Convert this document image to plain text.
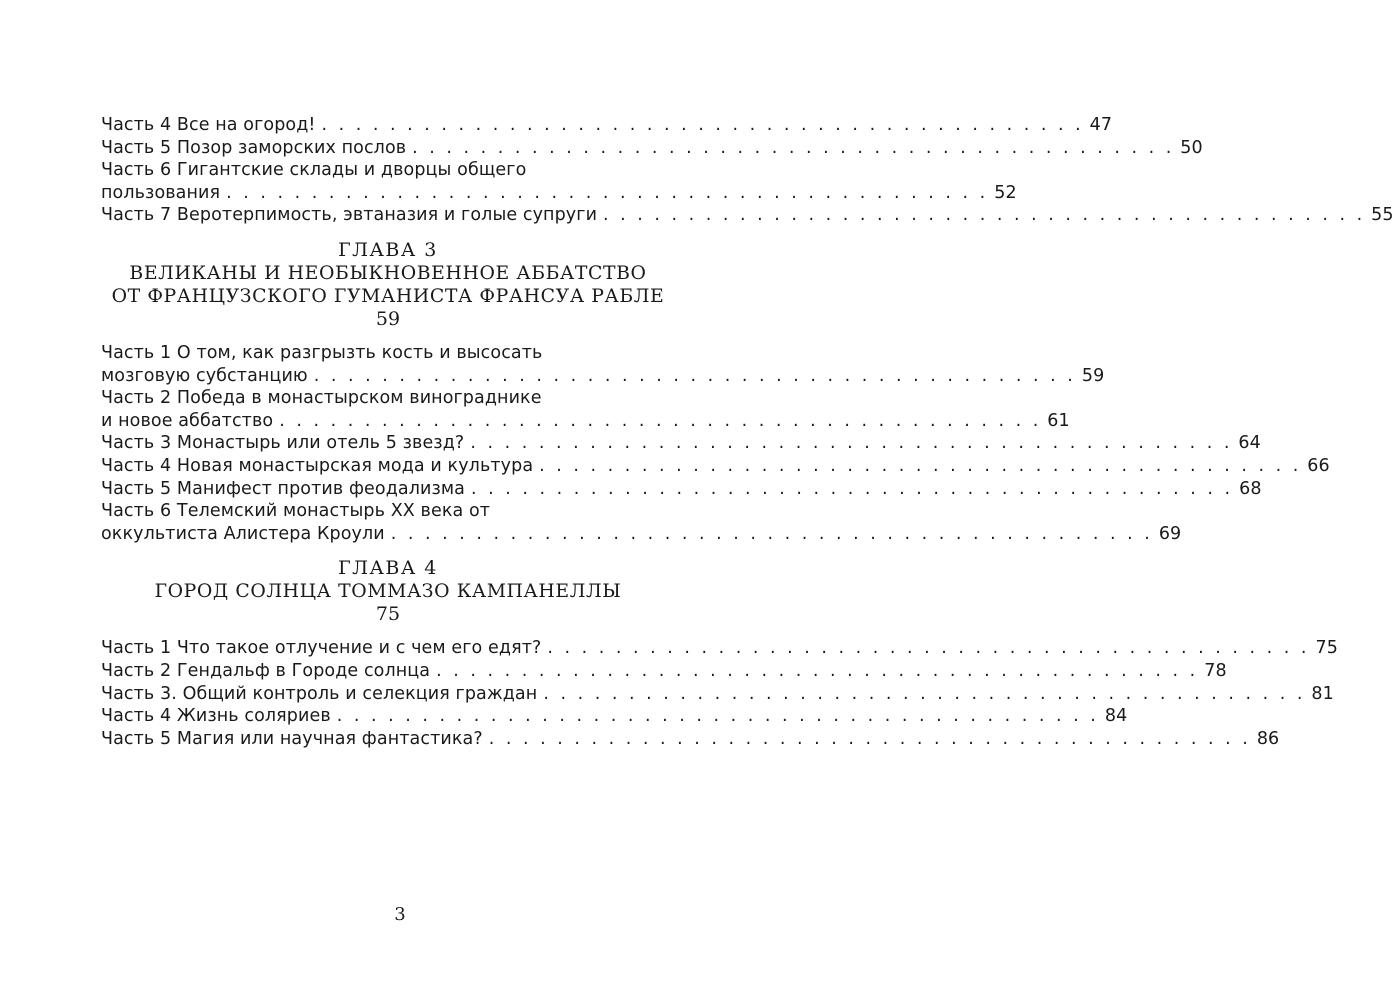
Часть 4 Все на огород! . . . . . . . . . . . . . . . . . . . . . . . . . . . . . . . . . . . . . . . . . . . . . 47
Часть 5 Позор заморских послов . . . . . . . . . . . . . . . . . . . . . . . . . . . . . . . . . . . . . . . . . . . . . 50
Часть 6 Гигантские склады и дворцы общего
пользования . . . . . . . . . . . . . . . . . . . . . . . . . . . . . . . . . . . . . . . . . . . . . 52
Часть 7 Веротерпимость, эвтаназия и голые супруги . . . . . . . . . . . . . . . . . . . . . . . . . . . . . . . . . . . . . . . . . . . . . 55
ГЛАВА 3
ВЕЛИКАНЫ И НЕОБЫКНОВЕННОЕ АББАТСТВО
ОТ ФРАНЦУЗСКОГО ГУМАНИСТА ФРАНСУА РАБЛЕ
59
Часть 1 О том, как разгрызть кость и высосать
мозговую субстанцию . . . . . . . . . . . . . . . . . . . . . . . . . . . . . . . . . . . . . . . . . . . . . 59
Часть 2 Победа в монастырском винограднике
и новое аббатство . . . . . . . . . . . . . . . . . . . . . . . . . . . . . . . . . . . . . . . . . . . . . 61
Часть 3 Монастырь или отель 5 звезд? . . . . . . . . . . . . . . . . . . . . . . . . . . . . . . . . . . . . . . . . . . . . . 64
Часть 4 Новая монастырская мода и культура . . . . . . . . . . . . . . . . . . . . . . . . . . . . . . . . . . . . . . . . . . . . . 66
Часть 5 Манифест против феодализма . . . . . . . . . . . . . . . . . . . . . . . . . . . . . . . . . . . . . . . . . . . . . 68
Часть 6 Телемский монастырь XX века от
оккультиста Алистера Кроули . . . . . . . . . . . . . . . . . . . . . . . . . . . . . . . . . . . . . . . . . . . . . 69
ГЛАВА 4
ГОРОД СОЛНЦА ТОММАЗО КАМПАНЕЛЛЫ
75
Часть 1 Что такое отлучение и с чем его едят? . . . . . . . . . . . . . . . . . . . . . . . . . . . . . . . . . . . . . . . . . . . . . 75
Часть 2 Гендальф в Городе солнца . . . . . . . . . . . . . . . . . . . . . . . . . . . . . . . . . . . . . . . . . . . . . 78
Часть 3. Общий контроль и селекция граждан . . . . . . . . . . . . . . . . . . . . . . . . . . . . . . . . . . . . . . . . . . . . . 81
Часть 4 Жизнь соляриев . . . . . . . . . . . . . . . . . . . . . . . . . . . . . . . . . . . . . . . . . . . . . 84
Часть 5 Магия или научная фантастика? . . . . . . . . . . . . . . . . . . . . . . . . . . . . . . . . . . . . . . . . . . . . . 86
3
